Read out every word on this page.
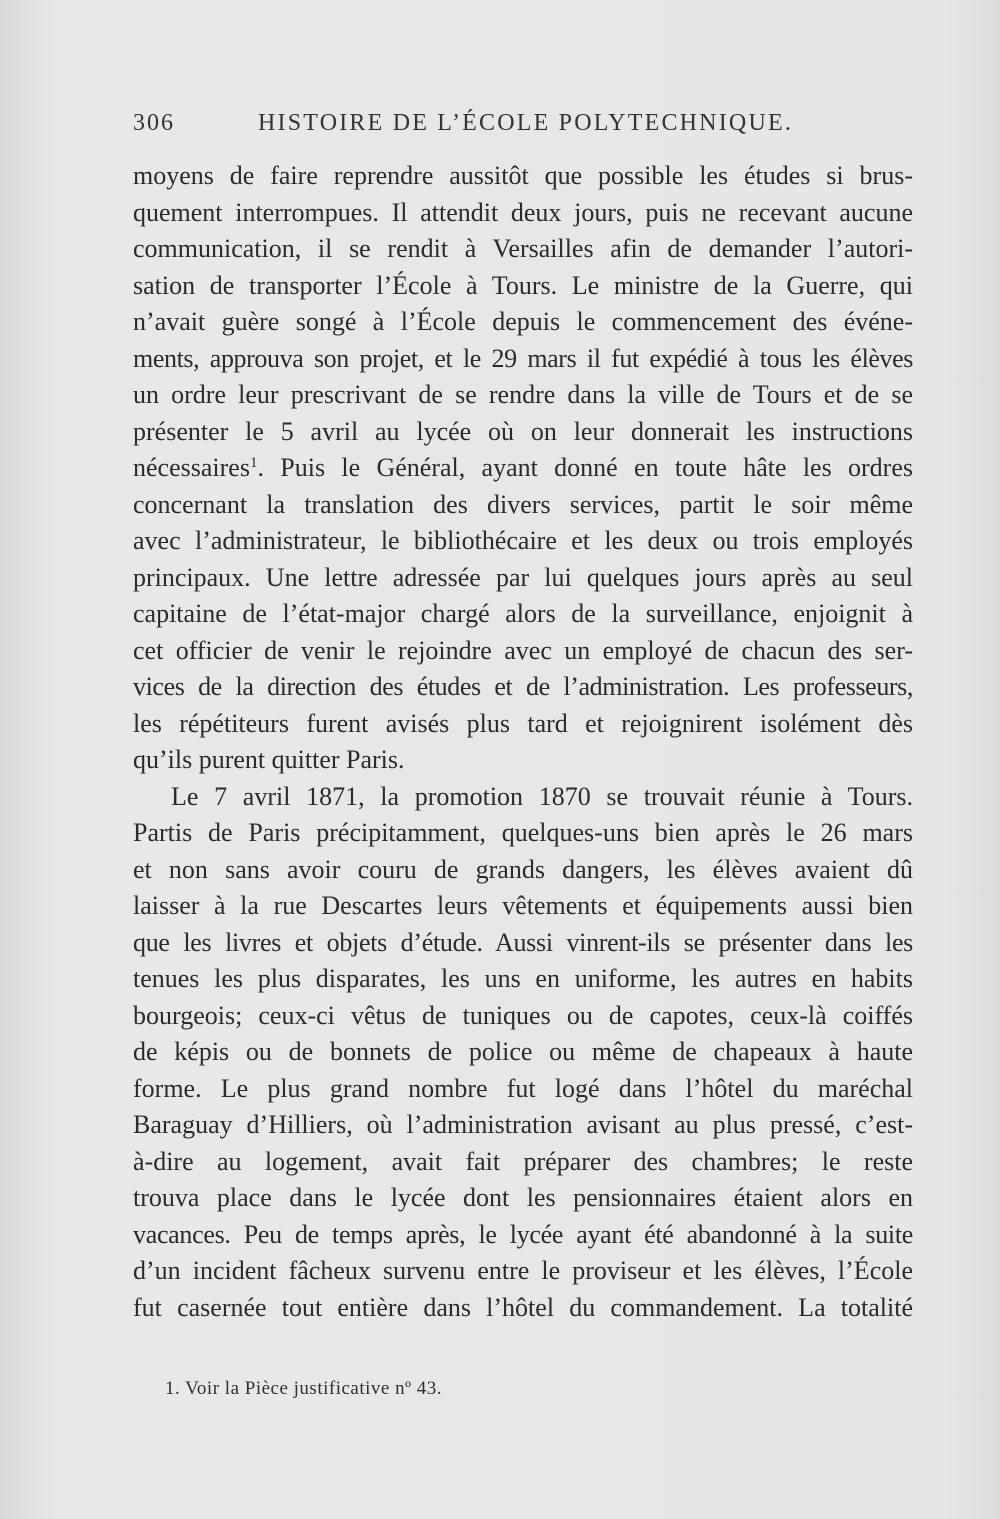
306	HISTOIRE DE L’ÉCOLE POLYTECHNIQUE.
moyens de faire reprendre aussitôt que possible les études si brus-
quement interrompues. Il attendit deux jours, puis ne recevant aucune
communication, il se rendit à Versailles afin de demander l’autori-
sation de transporter l’École à Tours. Le ministre de la Guerre, qui
n’avait guère songé à l’École depuis le commencement des événe-
ments, approuva son projet, et le 29 mars il fut expédié à tous les élèves
un ordre leur prescrivant de se rendre dans la ville de Tours et de se
présenter le 5 avril au lycée où on leur donnerait les instructions
nécessaires$^1$. Puis le Général, ayant donné en toute hâte les ordres
concernant la translation des divers services, partit le soir même
avec l’administrateur, le bibliothécaire et les deux ou trois employés
principaux. Une lettre adressée par lui quelques jours après au seul
capitaine de l’état-major chargé alors de la surveillance, enjoignit à
cet officier de venir le rejoindre avec un employé de chacun des ser-
vices de la direction des études et de l’administration. Les professeurs,
les répétiteurs furent avisés plus tard et rejoignirent isolément dès
qu’ils purent quitter Paris.
Le 7 avril 1871, la promotion 1870 se trouvait réunie à Tours.
Partis de Paris précipitamment, quelques-uns bien après le 26 mars
et non sans avoir couru de grands dangers, les élèves avaient dû
laisser à la rue Descartes leurs vêtements et équipements aussi bien
que les livres et objets d’étude. Aussi vinrent-ils se présenter dans les
tenues les plus disparates, les uns en uniforme, les autres en habits
bourgeois; ceux-ci vêtus de tuniques ou de capotes, ceux-là coiffés
de képis ou de bonnets de police ou même de chapeaux à haute
forme. Le plus grand nombre fut logé dans l’hôtel du maréchal
Baraguay d’Hilliers, où l’administration avisant au plus pressé, c’est-
à-dire au logement, avait fait préparer des chambres; le reste
trouva place dans le lycée dont les pensionnaires étaient alors en
vacances. Peu de temps après, le lycée ayant été abandonné à la suite
d’un incident fâcheux survenu entre le proviseur et les élèves, l’École
fut casernée tout entière dans l’hôtel du commandement. La totalité
1. Voir la Pièce justificative nº 43.
